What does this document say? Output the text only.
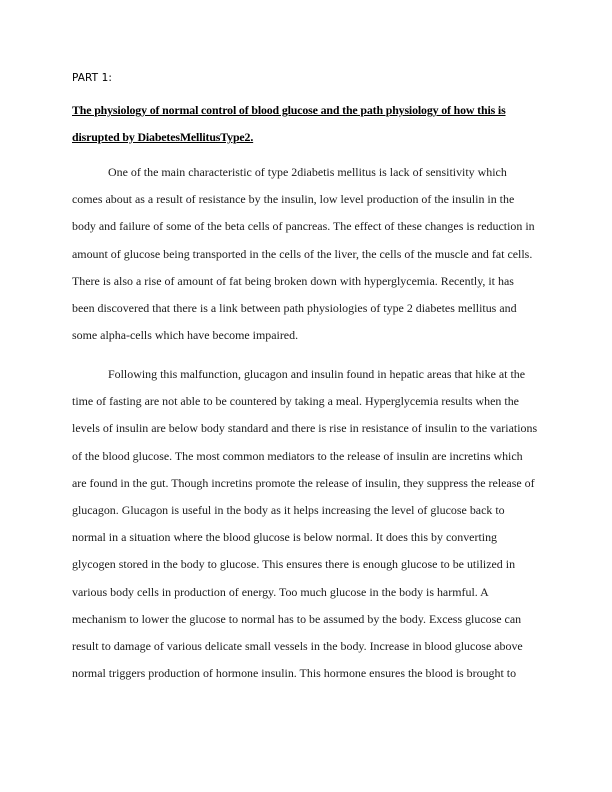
PART 1:
The physiology of normal control of blood glucose and the path physiology of how this is
disrupted by DiabetesMellitusType2.

One of the main characteristic of type 2diabetis mellitus is lack of sensitivity which
comes about as a result of resistance by the insulin, low level production of the insulin in the
body and failure of some of the beta cells of pancreas. The effect of these changes is reduction in
amount of glucose being transported in the cells of the liver, the cells of the muscle and fat cells.
There is also a rise of amount of fat being broken down with hyperglycemia. Recently, it has
been discovered that there is a link between path physiologies of type 2 diabetes mellitus and
some alpha-cells which have become impaired.

Following this malfunction, glucagon and insulin found in hepatic areas that hike at the
time of fasting are not able to be countered by taking a meal. Hyperglycemia results when the
levels of insulin are below body standard and there is rise in resistance of insulin to the variations
of the blood glucose. The most common mediators to the release of insulin are incretins which
are found in the gut. Though incretins promote the release of insulin, they suppress the release of
glucagon. Glucagon is useful in the body as it helps increasing the level of glucose back to
normal in a situation where the blood glucose is below normal. It does this by converting
glycogen stored in the body to glucose. This ensures there is enough glucose to be utilized in
various body cells in production of energy. Too much glucose in the body is harmful. A
mechanism to lower the glucose to normal has to be assumed by the body. Excess glucose can
result to damage of various delicate small vessels in the body. Increase in blood glucose above
normal triggers production of hormone insulin. This hormone ensures the blood is brought to
